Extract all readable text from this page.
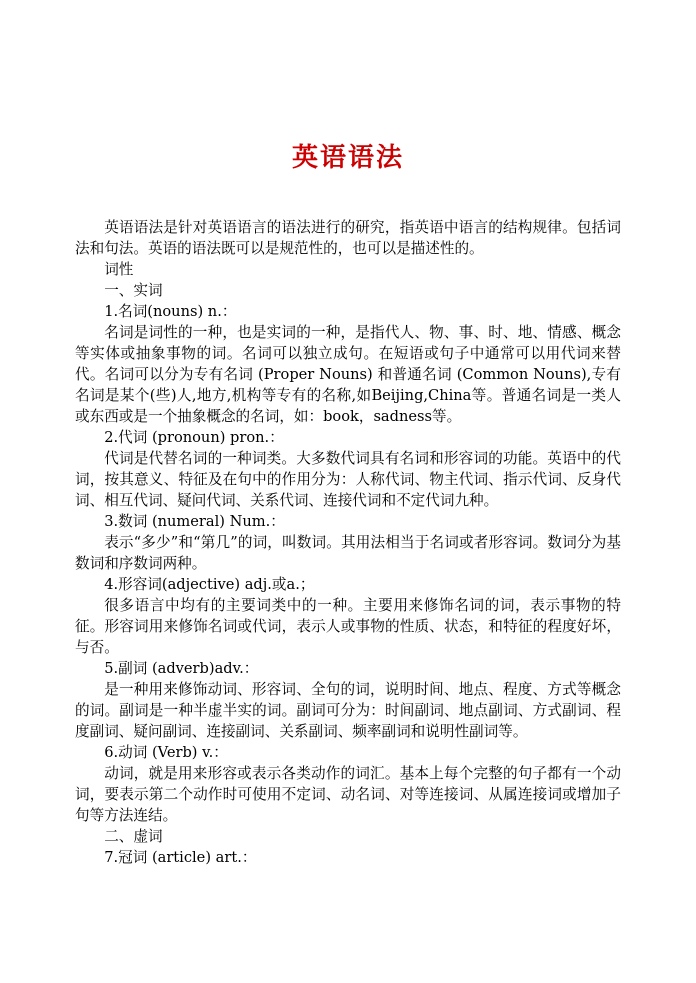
英语语法

英语语法是针对英语语言的语法进行的研究，指英语中语言的结构规律。包括词法和句法。英语的语法既可以是规范性的，也可以是描述性的。

词性

一、实词

1.名词(nouns) n.：

名词是词性的一种，也是实词的一种，是指代人、物、事、时、地、情感、概念等实体或抽象事物的词。名词可以独立成句。在短语或句子中通常可以用代词来替代。名词可以分为专有名词 (Proper Nouns) 和普通名词 (Common Nouns),专有名词是某个(些)人,地方,机构等专有的名称,如Beijing,China等。普通名词是一类人或东西或是一个抽象概念的名词，如：book，sadness等。

2.代词 (pronoun) pron.：

代词是代替名词的一种词类。大多数代词具有名词和形容词的功能。英语中的代词，按其意义、特征及在句中的作用分为：人称代词、物主代词、指示代词、反身代词、相互代词、疑问代词、关系代词、连接代词和不定代词九种。

3.数词 (numeral) Num.：

表示“多少”和“第几”的词，叫数词。其用法相当于名词或者形容词。数词分为基数词和序数词两种。

4.形容词(adjective) adj.或a.；

很多语言中均有的主要词类中的一种。主要用来修饰名词的词，表示事物的特征。形容词用来修饰名词或代词，表示人或事物的性质、状态，和特征的程度好坏，与否。

5.副词 (adverb)adv.：

是一种用来修饰动词、形容词、全句的词，说明时间、地点、程度、方式等概念的词。副词是一种半虚半实的词。副词可分为：时间副词、地点副词、方式副词、程度副词、疑问副词、连接副词、关系副词、频率副词和说明性副词等。

6.动词 (Verb) v.：

动词，就是用来形容或表示各类动作的词汇。基本上每个完整的句子都有一个动词，要表示第二个动作时可使用不定词、动名词、对等连接词、从属连接词或增加子句等方法连结。

二、虚词

7.冠词 (article) art.：
